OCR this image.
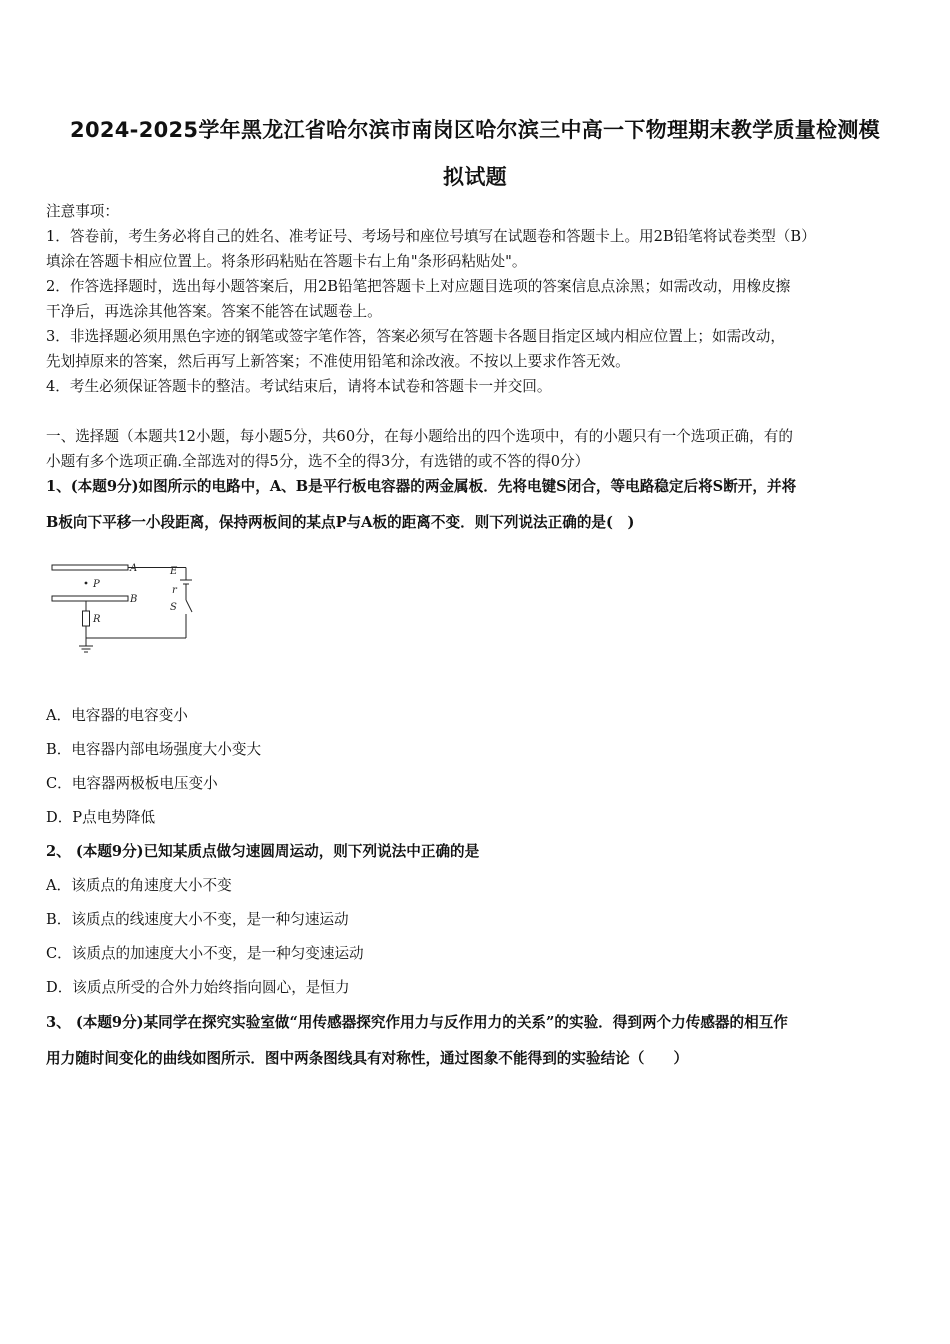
2024-2025学年黑龙江省哈尔滨市南岗区哈尔滨三中高一下物理期末教学质量检测模
拟试题
注意事项：
1．答卷前，考生务必将自己的姓名、准考证号、考场号和座位号填写在试题卷和答题卡上。用2B铅笔将试卷类型（B）
填涂在答题卡相应位置上。将条形码粘贴在答题卡右上角"条形码粘贴处"。
2．作答选择题时，选出每小题答案后，用2B铅笔把答题卡上对应题目选项的答案信息点涂黑；如需改动，用橡皮擦
干净后，再选涂其他答案。答案不能答在试题卷上。
3．非选择题必须用黑色字迹的钢笔或签字笔作答，答案必须写在答题卡各题目指定区域内相应位置上；如需改动，
先划掉原来的答案，然后再写上新答案；不准使用铅笔和涂改液。不按以上要求作答无效。
4．考生必须保证答题卡的整洁。考试结束后，请将本试卷和答题卡一并交回。
一、选择题（本题共12小题，每小题5分，共60分，在每小题给出的四个选项中，有的小题只有一个选项正确，有的
小题有多个选项正确.全部选对的得5分，选不全的得3分，有选错的或不答的得0分）
1、(本题9分)如图所示的电路中，A、B是平行板电容器的两金属板．先将电键S闭合，等电路稳定后将S断开，并将
B板向下平移一小段距离，保持两板间的某点P与A板的距离不变．则下列说法正确的是(　)
A
P
B
R
E
r
S
A．电容器的电容变小
B．电容器内部电场强度大小变大
C．电容器两极板电压变小
D．P点电势降低
2、 (本题9分)已知某质点做匀速圆周运动，则下列说法中正确的是
A．该质点的角速度大小不变
B．该质点的线速度大小不变，是一种匀速运动
C．该质点的加速度大小不变，是一种匀变速运动
D．该质点所受的合外力始终指向圆心，是恒力
3、 (本题9分)某同学在探究实验室做“用传感器探究作用力与反作用力的关系”的实验．得到两个力传感器的相互作
用力随时间变化的曲线如图所示．图中两条图线具有对称性，通过图象不能得到的实验结论（　　）
